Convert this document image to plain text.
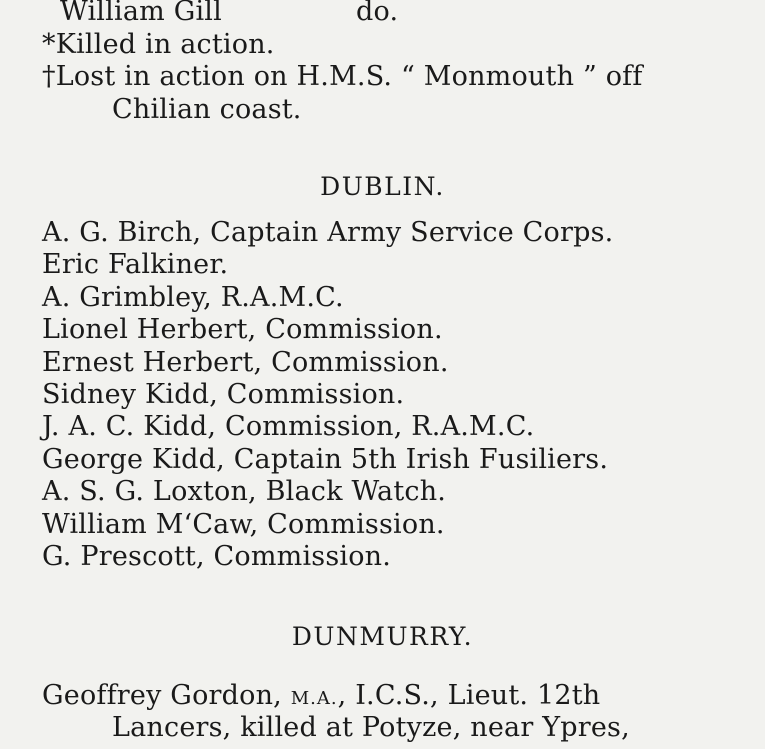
William Gill	do.
*Killed in action.
†Lost in action on H.M.S. “ Monmouth ” off
Chilian coast.
DUBLIN.
A. G. Birch, Captain Army Service Corps.
Eric Falkiner.
A. Grimbley, R.A.M.C.
Lionel Herbert, Commission.
Ernest Herbert, Commission.
Sidney Kidd, Commission.
J. A. C. Kidd, Commission, R.A.M.C.
George Kidd, Captain 5th Irish Fusiliers.
A. S. G. Loxton, Black Watch.
William M‘Caw, Commission.
G. Prescott, Commission.
DUNMURRY.
Geoffrey Gordon, M.A., I.C.S., Lieut. 12th
Lancers, killed at Potyze, near Ypres,
